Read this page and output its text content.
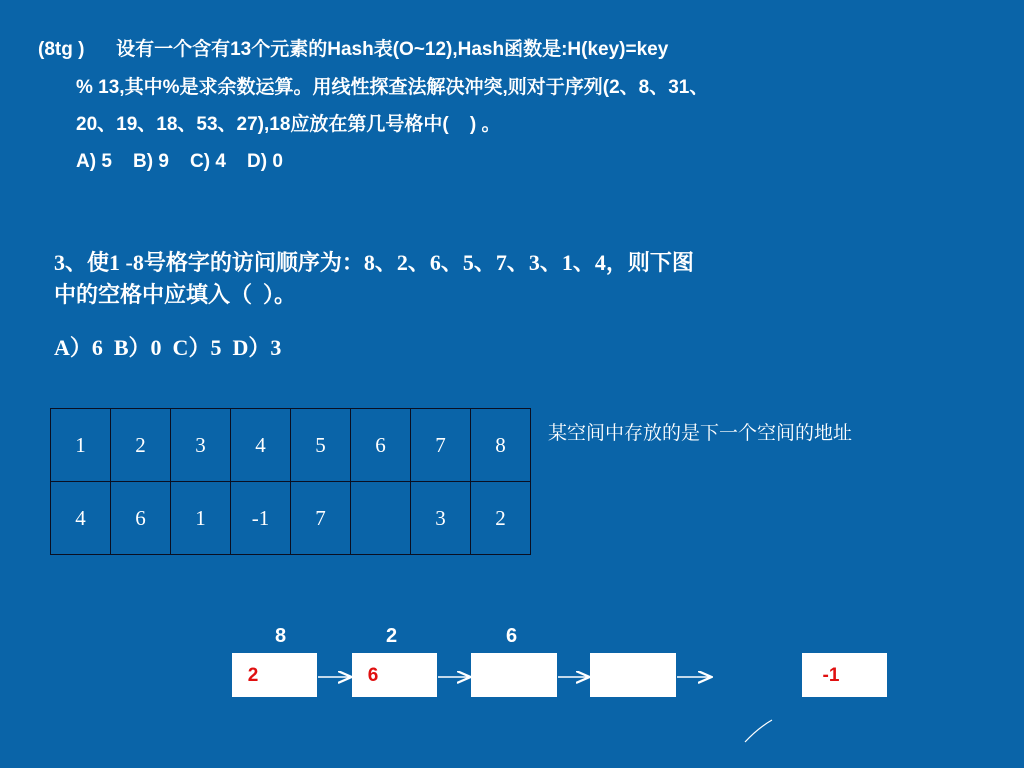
(8tg )      设有一个含有13个元素的Hash表(O~12),Hash函数是:H(key)=key
% 13,其中%是求余数运算。用线性探查法解决冲突,则对于序列(2、8、31、
20、19、18、53、27),18应放在第几号格中(    ) 。
A) 5    B) 9    C) 4    D) 0
3、使1 -8号格字的访问顺序为：8、2、6、5、7、3、1、4，则下图
中的空格中应填入（  ）。
A）6  B）0  C）5  D）3
1	2	3	4	5	6	7	8
4	6	1	-1	7		3	2
某空间中存放的是下一个空间的地址
8	2	6
2	6	-1
